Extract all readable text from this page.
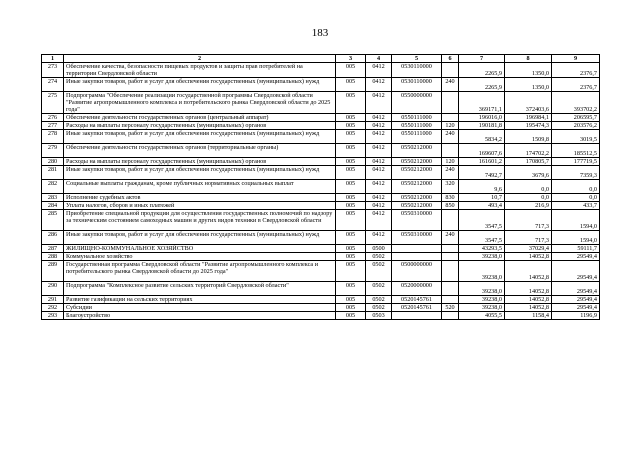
183
1	2	3	4	5	6	7	8	9
273	Обеспечение качества, безопасности пищевых продуктов и защиты прав потребителей на территории Свердловской области	005	0412	0530110000		2265,9	1350,0	2376,7
274	Иные закупки товаров, работ и услуг для обеспечения государственных (муниципальных) нужд	005	0412	0530110000	240	2265,9	1350,0	2376,7
275	Подпрограмма "Обеспечение реализации государственной программы Свердловской области "Развитие агропромышленного комплекса и потребительского рынка Свердловской области до 2025 года"	005	0412	0550000000		369171,1	372403,6	393702,2
276	Обеспечение деятельности государственных органов (центральный аппарат)	005	0412	0550111000		196016,0	196984,1	206595,7
277	Расходы на выплаты персоналу государственных (муниципальных) органов	005	0412	0550111000	120	190181,8	195474,3	203576,2
278	Иные закупки товаров, работ и услуг для обеспечения государственных (муниципальных) нужд	005	0412	0550111000	240	5834,2	1509,8	3019,5
279	Обеспечение деятельности государственных органов (территориальные органы)	005	0412	0550212000		169607,6	174702,2	185512,5
280	Расходы на выплаты персоналу государственных (муниципальных) органов	005	0412	0550212000	120	161601,2	170805,7	177719,5
281	Иные закупки товаров, работ и услуг для обеспечения государственных (муниципальных) нужд	005	0412	0550212000	240	7492,7	3679,6	7359,3
282	Социальные выплаты гражданам, кроме публичных нормативных социальных выплат	005	0412	0550212000	320	9,6	0,0	0,0
283	Исполнение судебных актов	005	0412	0550212000	830	10,7	0,0	0,0
284	Уплата налогов, сборов и иных платежей	005	0412	0550212000	850	493,4	216,9	433,7
285	Приобретение специальной продукции для осуществления государственных полномочий по надзору за техническим состоянием самоходных машин и других видов техники в Свердловской области	005	0412	0550310000		3547,5	717,3	1594,0
286	Иные закупки товаров, работ и услуг для обеспечения государственных (муниципальных) нужд	005	0412	0550310000	240	3547,5	717,3	1594,0
287	ЖИЛИЩНО-КОММУНАЛЬНОЕ ХОЗЯЙСТВО	005	0500			43293,5	37029,4	59111,7
288	Коммунальное хозяйство	005	0502			39238,0	14052,8	29549,4
289	Государственная программа Свердловской области "Развитие агропромышленного комплекса и потребительского рынка Свердловской области до 2025 года"	005	0502	0500000000		39238,0	14052,8	29549,4
290	Подпрограмма "Комплексное развитие сельских территорий Свердловской области"	005	0502	0520000000		39238,0	14052,8	29549,4
291	Развитие газификации на сельских территориях	005	0502	0520145761		39238,0	14052,8	29549,4
292	Субсидии	005	0502	0520145761	520	39238,0	14052,8	29549,4
293	Благоустройство	005	0503			4055,5	1158,4	1196,9
